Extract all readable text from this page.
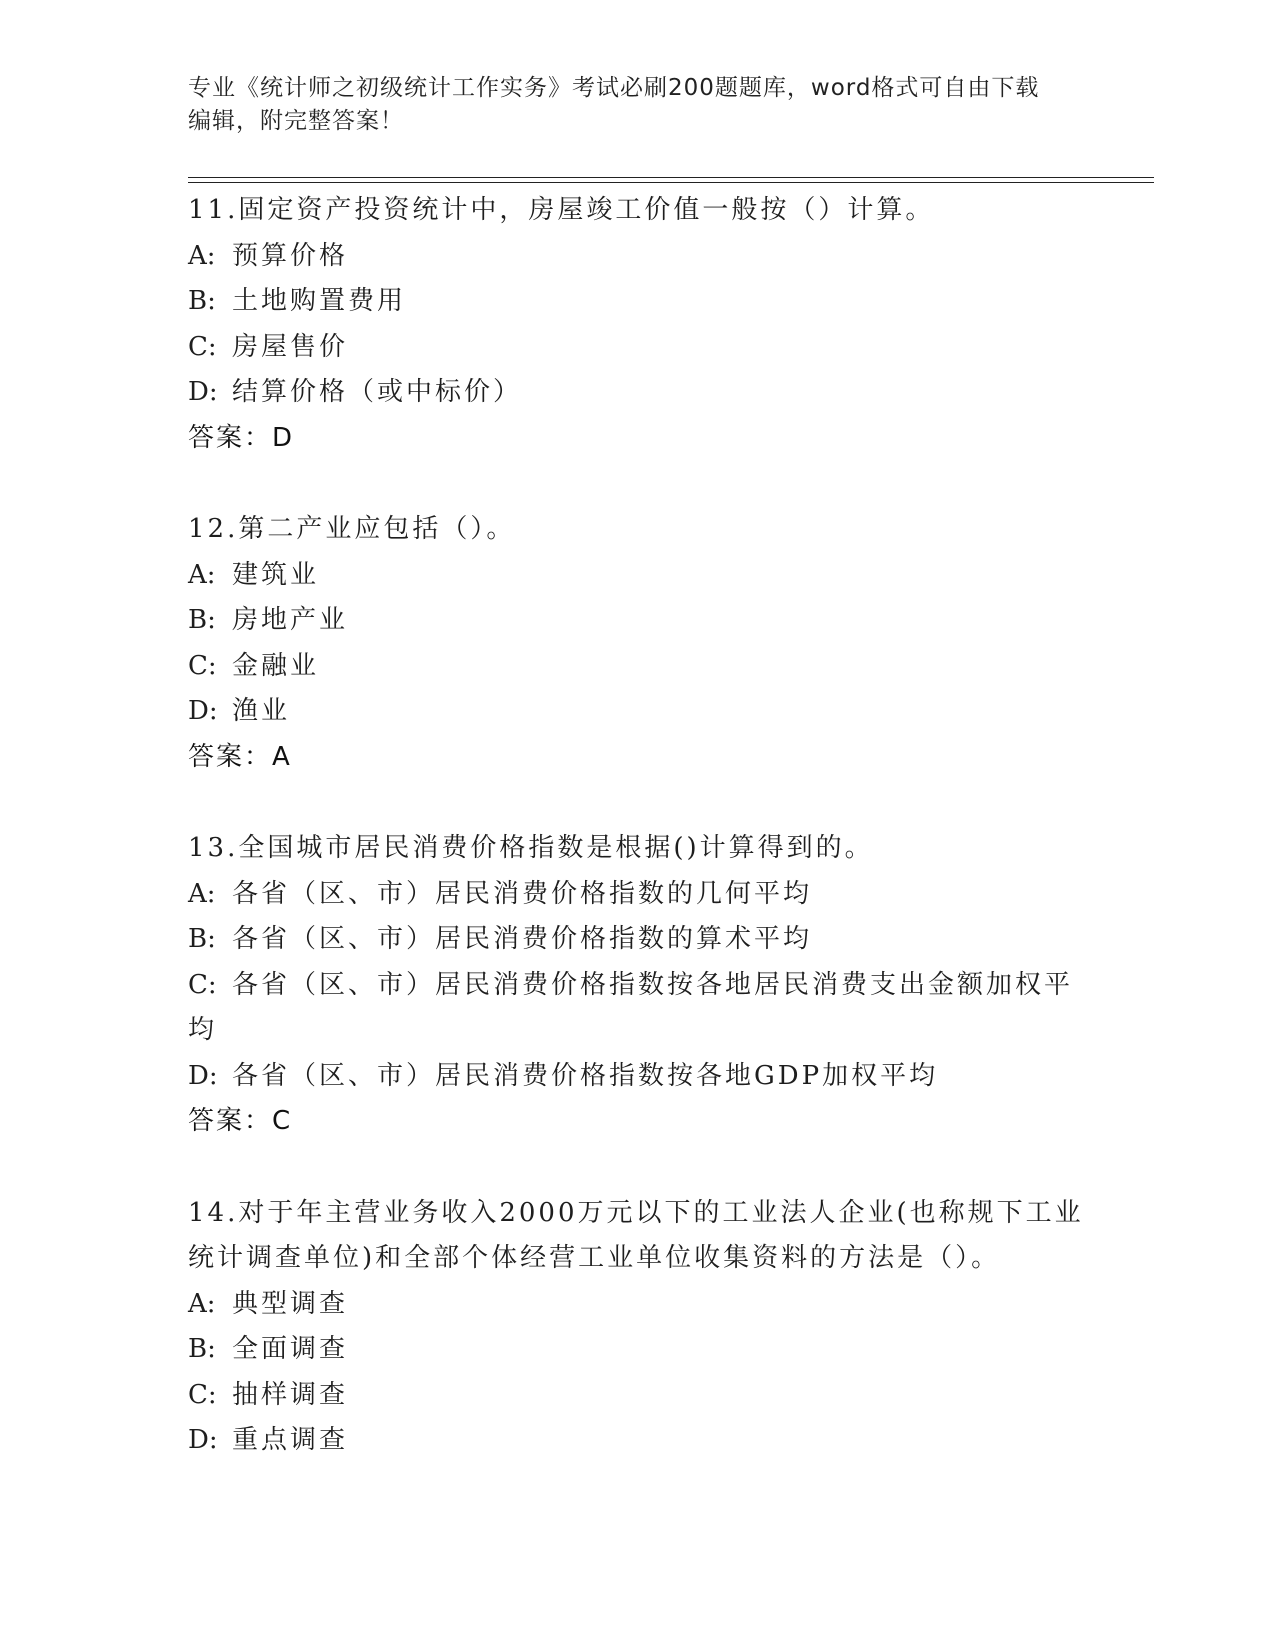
专业《统计师之初级统计工作实务》考试必刷200题题库，word格式可自由下载
编辑，附完整答案！

11.固定资产投资统计中，房屋竣工价值一般按（）计算。

A: 预算价格

B: 土地购置费用

C: 房屋售价

D: 结算价格（或中标价）

答案：D

12.第二产业应包括（）。

A: 建筑业

B: 房地产业

C: 金融业

D: 渔业

答案：A

13.全国城市居民消费价格指数是根据()计算得到的。

A: 各省（区、市）居民消费价格指数的几何平均

B: 各省（区、市）居民消费价格指数的算术平均

C: 各省（区、市）居民消费价格指数按各地居民消费支出金额加权平均

D: 各省（区、市）居民消费价格指数按各地GDP加权平均

答案：C

14.对于年主营业务收入2000万元以下的工业法人企业(也称规下工业统计调查单位)和全部个体经营工业单位收集资料的方法是（）。

A: 典型调查

B: 全面调查

C: 抽样调查

D: 重点调查
